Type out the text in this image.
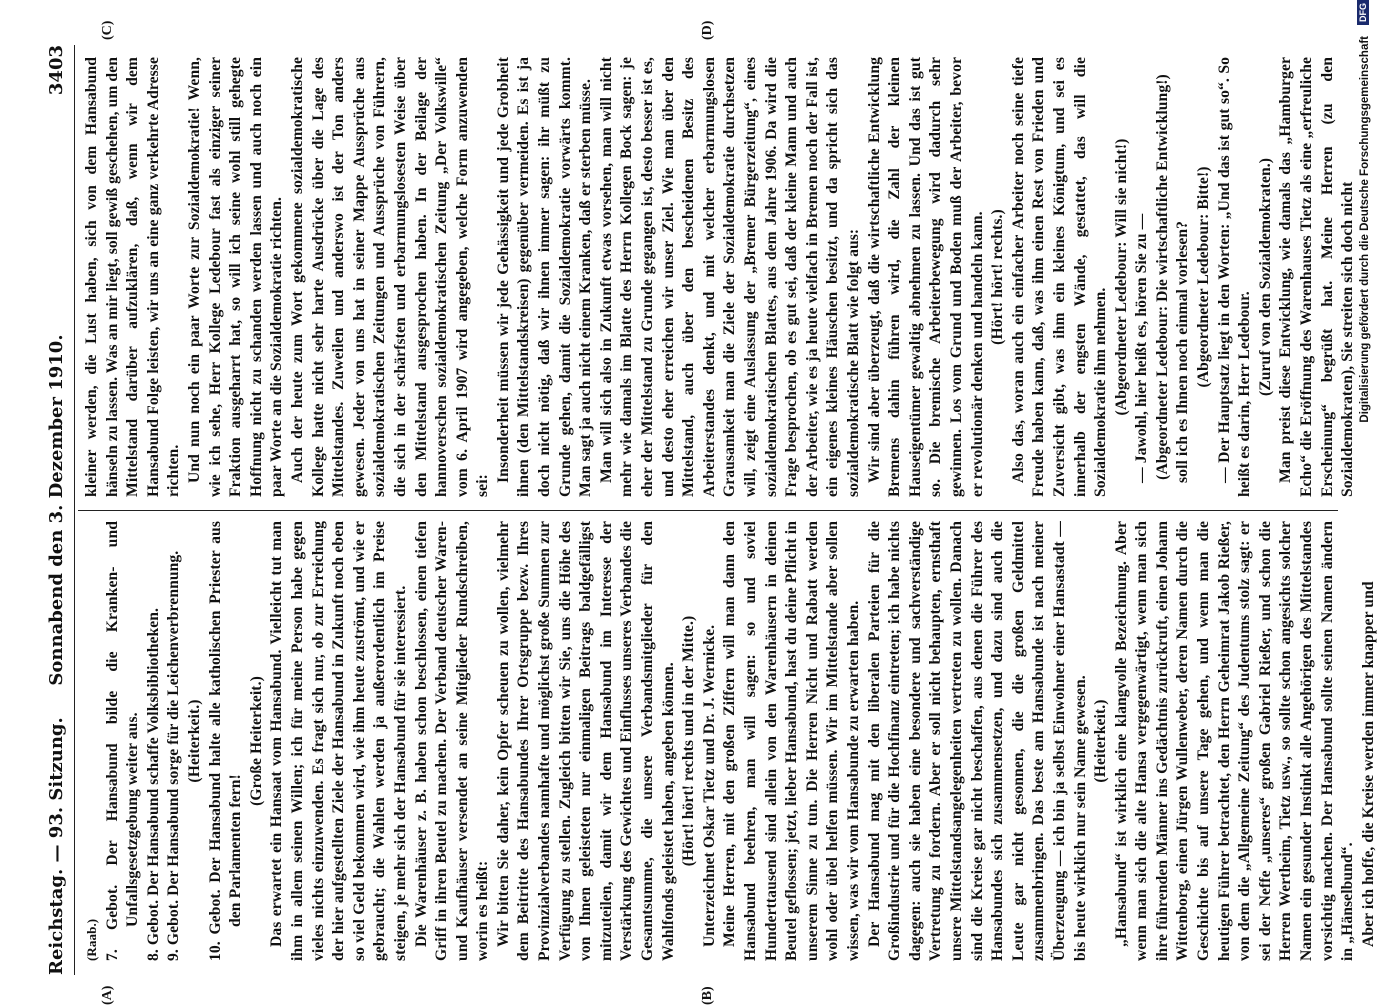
Reichstag. — 93. Sitzung.
Sonnabend den 3. Dezember 1910.
3403
(Raab.) 7. Gebot. Der Hansabund bilde die Kranken- und Unfallsgesetzgebung weiter aus. 8. Gebot. Der Hansabund schaffe Volksbibliotheken. 9. Gebot. Der Hansabund sorge für die Leichenverbrennung. (Heiterkeit.) 10. Gebot. Der Hansabund halte alle katholischen Priester aus den Parlamenten fern!

(Große Heiterkeit.) Das erwartet ein Hansaat vom Hansabund. Vielleicht tut man ihm in allem seinen Willen; ich für meine Person habe gegen vieles nichts einzuwenden. Es fragt sich nur, ob zur Erreichung der hier aufgestellten Ziele der Hansabund in Zukunft noch eben so viel Geld bekommen wird, wie ihm heute zuströmt, und wie er gebraucht; die Wahlen werden ja außerordentlich im Preise steigen, je mehr sich der Hansabund für sie interessiert. Die Warenhäuser z. B. haben schon beschlossen, einen tiefen Griff in ihren Beutel zu machen. Der Verband deutscher Waren- und Kaufhäuser versendet an seine Mitglieder Rundschreiben, worin es heißt: Wir bitten Sie daher, kein Opfer scheuen zu wollen, vielmehr dem Beitritte des Hansabundes Ihrer Ortsgruppe bezw. Ihres Provinzialverbandes namhafte und möglichst große Summen zur Verfügung zu stellen. Zugleich bitten wir Sie, uns die Höhe des von Ihnen geleisteten nur einmaligen Beitrags baldgefälligst mitzuteilen, damit wir dem Hansabund im Interesse der Verstärkung des Gewichtes und Einflusses unseres Verbandes die Gesamtsumme, die unsere Verbandsmitglieder für den Wahlfonds geleistet haben, angeben können. (Hört! hört! rechts und in der Mitte.) Unterzeichnet Oskar Tietz und Dr. J. Wernicke. Meine Herren, mit den großen Ziffern will man dann den Hansabund beehren, man will sagen: so und soviel Hunderttausend sind allein von den Warenhäusern in deinen Beutel geflossen; jetzt, lieber Hansabund, hast du deine Pflicht in unserem Sinne zu tun. Die Herren Nicht und Rabatt werden wohl oder übel helfen müssen. Wir im Mittelstande aber sollen wissen, was wir vom Hansabunde zu erwarten haben. Der Hansabund mag mit den liberalen Parteien für die Großindustrie und für die Hochfinanz eintreten; ich habe nichts dagegen: auch sie haben eine besondere und sachverständige Vertretung zu fordern. Aber er soll nicht behaupten, ernsthaft unsere Mittelstandsangelegenheiten vertreten zu wollen. Danach sind die Kreise gar nicht beschaffen, aus denen die Führer des Hansabundes sich zusammensetzen, und dazu sind auch die Leute gar nicht gesonnen, die die großen Geldmittel zusammenbringen. Das beste am Hansabunde ist nach meiner Überzeugung — ich bin ja selbst Einwohner einer Hansastadt — bis heute wirklich nur sein Name gewesen. (Heiterkeit.) „Hansabund“ ist wirklich eine klangvolle Bezeichnung. Aber wenn man sich die alte Hansa vergegenwärtigt, wenn man sich ihre führenden Männer ins Gedächtnis zurückruft, einen Johann Wittenborg, einen Jürgen Wullenweber, deren Namen durch die Geschichte bis auf unsere Tage gehen, und wenn man die heutigen Führer betrachtet, den Herrn Geheimrat Jakob Rießer, von dem die „Allgemeine Zeitung“ des Judentums stolz sagt: er sei der Neffe „unseres“ großen Gabriel Rießer, und schon die Herren Wertheim, Tietz usw., so sollte schon angesichts solcher Namen ein gesunder Instinkt alle Angehörigen des Mittelstandes vorsichtig machen. Der Hansabund sollte seinen Namen ändern in „Hänselbund“. Aber ich hoffe, die Kreise werden immer knapper und

kleiner werden, die Lust haben, sich von dem Hansabund hänseln zu lassen. Was an mir liegt, soll gewiß geschehen, um den Mittelstand darüber aufzuklären, daß, wenn wir dem Hansabund Folge leisten, wir uns an eine ganz verkehrte Adresse richten. Und nun noch ein paar Worte zur Sozialdemokratie! Wenn, wie ich sehe, Herr Kollege Ledebour fast als einziger seiner Fraktion ausgeharrt hat, so will ich seine wohl still gehegte Hoffnung nicht zu schanden werden lassen und auch noch ein paar Worte an die Sozialdemokratie richten. Auch der heute zum Wort gekommene sozialdemokratische Kollege hatte nicht sehr harte Ausdrücke über die Lage des Mittelstandes. Zuweilen und anderswo ist der Ton anders gewesen. Jeder von uns hat in seiner Mappe Aussprüche aus sozialdemokratischen Zeitungen und Aussprüche von Führern, die sich in der schärfsten und erbarmungslosesten Weise über den Mittelstand ausgesprochen haben. In der Beilage der hannoverschen sozialdemokratischen Zeitung „Der Volkswille“ vom 6. April 1907 wird angegeben, welche Form anzuwenden sei:

Insonderheit müssen wir jede Gehässigkeit und jede Grobheit ihnen (den Mittelstandskreisen) gegenüber vermeiden. Es ist ja doch nicht nötig, daß wir ihnen immer sagen: ihr müßt zu Grunde gehen, damit die Sozialdemokratie vorwärts kommt. Man sagt ja auch nicht einem Kranken, daß er sterben müsse. Man will sich also in Zukunft etwas vorsehen, man will nicht mehr wie damals im Blatte des Herrn Kollegen Bock sagen: je eher der Mittelstand zu Grunde gegangen ist, desto besser ist es, und desto eher erreichen wir unser Ziel. Wie man über den Mittelstand, auch über den bescheidenen Besitz des Arbeiterstandes denkt, und mit welcher erbarmungslosen Grausamkeit man die Ziele der Sozialdemokratie durchsetzen will, zeigt eine Auslassung der „Bremer Bürgerzeitung“, eines sozialdemokratischen Blattes, aus dem Jahre 1906. Da wird die Frage besprochen, ob es gut sei, daß der kleine Mann und auch der Arbeiter, wie es ja heute vielfach in Bremen noch der Fall ist, ein eigenes kleines Häuschen besitzt, und da spricht sich das sozialdemokratische Blatt wie folgt aus: Wir sind aber überzeugt, daß die wirtschaftliche Entwicklung Bremens dahin führen wird, die Zahl der kleinen Hauseigentümer gewaltig abnehmen zu lassen. Und das ist gut so. Die bremische Arbeiterbewegung wird dadurch sehr gewinnen. Los vom Grund und Boden muß der Arbeiter, bevor er revolutionär denken und handeln kann. (Hört! hört! rechts.) Also das, woran auch ein einfacher Arbeiter noch seine tiefe Freude haben kann, daß, was ihm einen Rest von Frieden und Zuversicht gibt, was ihm ein kleines Königtum, und sei es innerhalb der engsten Wände, gestattet, das will die Sozialdemokratie ihm nehmen. (Abgeordneter Ledebour: Will sie nicht!) — Jawohl, hier heißt es, hören Sie zu — (Abgeordneter Ledebour: Die wirtschaftliche Entwicklung!) soll ich es Ihnen noch einmal vorlesen? (Abgeordneter Ledebour: Bitte!) — Der Hauptsatz liegt in den Worten: „Und das ist gut so“. So heißt es darin, Herr Ledebour. (Zuruf von den Sozialdemokraten.) Man preist diese Entwicklung, wie damals das „Hamburger Echo“ die Eröffnung des Warenhauses Tietz als eine „erfreuliche Erscheinung“ begrüßt hat. Meine Herren (zu den Sozialdemokraten), Sie streiten sich doch nicht

(A)	(B)
(C)	(D)
Digitalisierung gefördert durch die Deutsche Forschungsgemeinschaft
DFG
